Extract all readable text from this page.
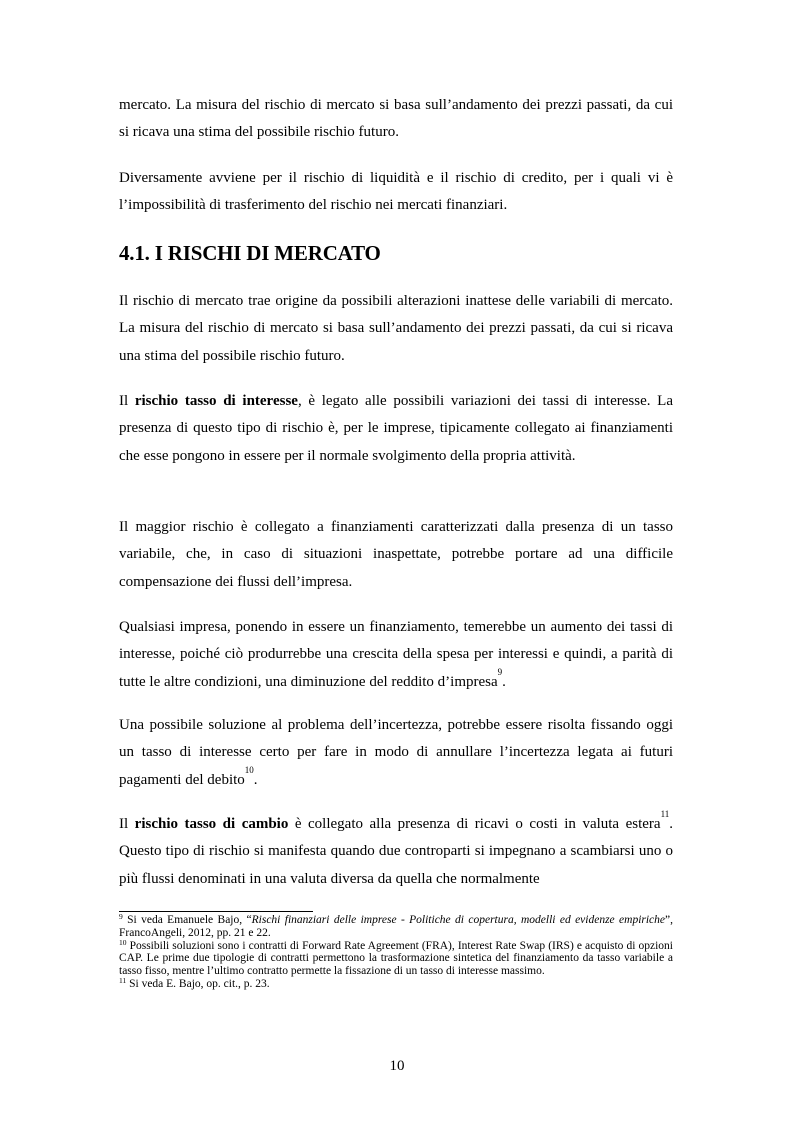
mercato. La misura del rischio di mercato si basa sull’andamento dei prezzi passati, da cui si ricava una stima del possibile rischio futuro.

Diversamente avviene per il rischio di liquidità e il rischio di credito, per i quali vi è l’impossibilità di trasferimento del rischio nei mercati finanziari.

4.1. I RISCHI DI MERCATO

Il rischio di mercato trae origine da possibili alterazioni inattese delle variabili di mercato. La misura del rischio di mercato si basa sull’andamento dei prezzi passati, da cui si ricava una stima del possibile rischio futuro.

Il rischio tasso di interesse, è legato alle possibili variazioni dei tassi di interesse. La presenza di questo tipo di rischio è, per le imprese, tipicamente collegato ai finanziamenti che esse pongono in essere per il normale svolgimento della propria attività.

Il maggior rischio è collegato a finanziamenti caratterizzati dalla presenza di un tasso variabile, che, in caso di situazioni inaspettate, potrebbe portare ad una difficile compensazione dei flussi dell’impresa.

Qualsiasi impresa, ponendo in essere un finanziamento, temerebbe un aumento dei tassi di interesse, poiché ciò produrrebbe una crescita della spesa per interessi e quindi, a parità di tutte le altre condizioni, una diminuzione del reddito d’impresa$^9$.

Una possibile soluzione al problema dell’incertezza, potrebbe essere risolta fissando oggi un tasso di interesse certo per fare in modo di annullare l’incertezza legata ai futuri pagamenti del debito$^{10}$.

Il rischio tasso di cambio è collegato alla presenza di ricavi o costi in valuta estera$^{11}$. Questo tipo di rischio si manifesta quando due controparti si impegnano a scambiarsi uno o più flussi denominati in una valuta diversa da quella che normalmente

$^9$ Si veda Emanuele Bajo, “Rischi finanziari delle imprese - Politiche di copertura, modelli ed evidenze empiriche”, FrancoAngeli, 2012, pp. 21 e 22.

$^{10}$ Possibili soluzioni sono i contratti di Forward Rate Agreement (FRA), Interest Rate Swap (IRS) e acquisto di opzioni CAP. Le prime due tipologie di contratti permettono la trasformazione sintetica del finanziamento da tasso variabile a tasso fisso, mentre l’ultimo contratto permette la fissazione di un tasso di interesse massimo.

$^{11}$ Si veda E. Bajo, op. cit., p. 23.

10
